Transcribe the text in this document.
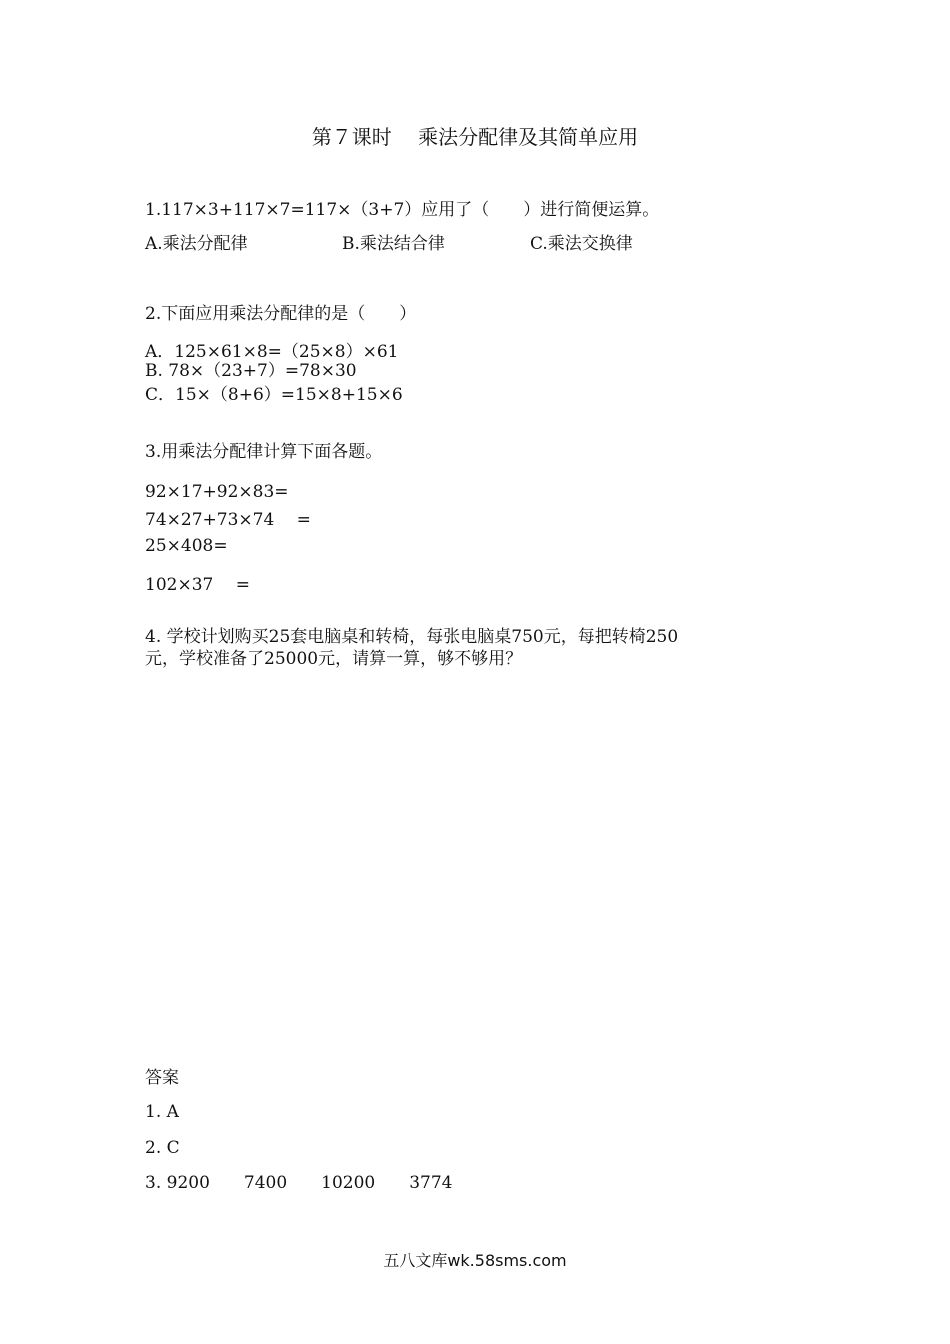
第７课时　 乘法分配律及其简单应用
1.117×3+117×7=117×（3+7）应用了（　　）进行简便运算。
A.乘法分配律	B.乘法结合律	C.乘法交换律
2.下面应用乘法分配律的是（　　）
A．125×61×8=（25×8）×61
B. 78×（23+7）=78×30
C．15×（8+6）=15×8+15×6
3.用乘法分配律计算下面各题。
92×17+92×83=
74×27+73×74　 =
25×408=
102×37　 =
4. 学校计划购买25套电脑桌和转椅，每张电脑桌750元，每把转椅250
元，学校准备了25000元，请算一算，够不够用？
答案
1. A
2. C
3. 9200　　7400　　10200　　3774
五八文库wk.58sms.com
